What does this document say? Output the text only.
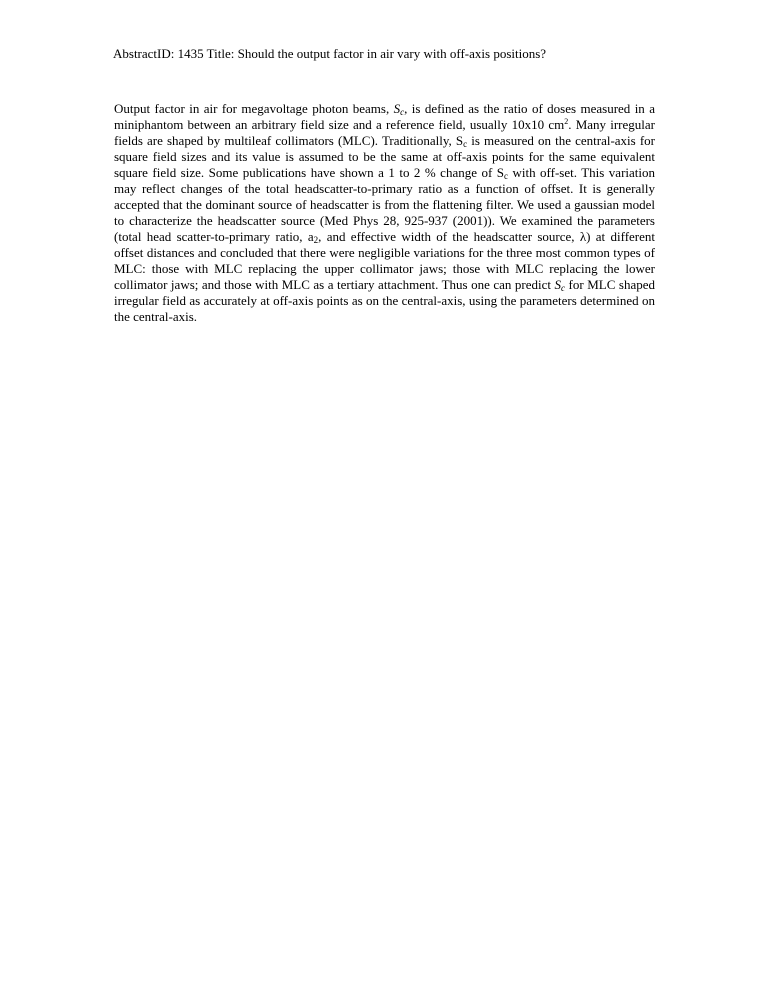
AbstractID: 1435 Title: Should the output factor in air vary with off-axis positions?
Output factor in air for megavoltage photon beams, $S_c$, is defined as the ratio of doses measured in a miniphantom between an arbitrary field size and a reference field, usually 10x10 $cm^2$. Many irregular fields are shaped by multileaf collimators (MLC). Traditionally, $S_c$ is measured on the central-axis for square field sizes and its value is assumed to be the same at off-axis points for the same equivalent square field size. Some publications have shown a 1 to 2 % change of $S_c$ with off-set. This variation may reflect changes of the total headscatter-to-primary ratio as a function of offset. It is generally accepted that the dominant source of headscatter is from the flattening filter. We used a gaussian model to characterize the headscatter source (Med Phys 28, 925-937 (2001)). We examined the parameters (total head scatter-to-primary ratio, $a_2$, and effective width of the headscatter source, λ) at different offset distances and concluded that there were negligible variations for the three most common types of MLC: those with MLC replacing the upper collimator jaws; those with MLC replacing the lower collimator jaws; and those with MLC as a tertiary attachment. Thus one can predict $S_c$ for MLC shaped irregular field as accurately at off-axis points as on the central-axis, using the parameters determined on the central-axis.
